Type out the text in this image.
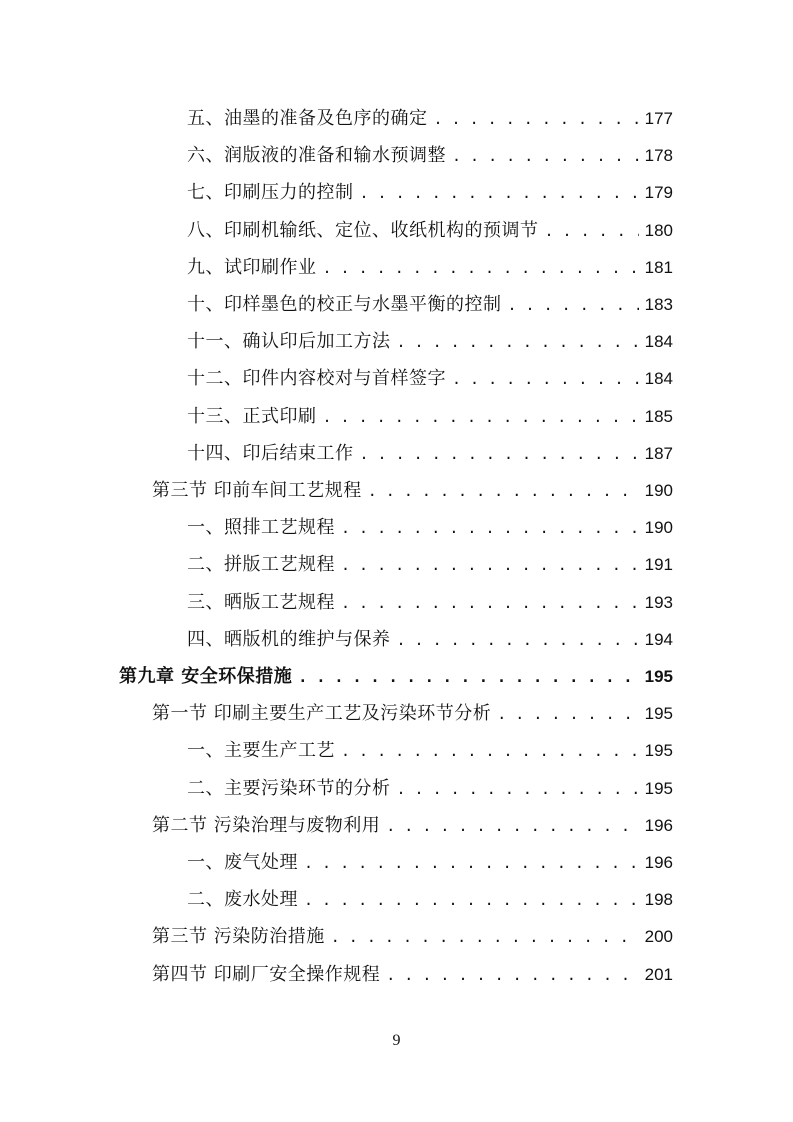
五、油墨的准备及色序的确定 . . .	177
六、润版液的准备和输水预调整 . . .	178
七、印刷压力的控制 . . .	179
八、印刷机输纸、定位、收纸机构的预调节 . . .	180
九、试印刷作业 . . .	181
十、印样墨色的校正与水墨平衡的控制 . . .	183
十一、确认印后加工方法 . . .	184
十二、印件内容校对与首样签字 . . .	184
十三、正式印刷 . . .	185
十四、印后结束工作 . . .	187
第三节 印前车间工艺规程 . . .	190
一、照排工艺规程 . . .	190
二、拼版工艺规程 . . .	191
三、晒版工艺规程 . . .	193
四、晒版机的维护与保养 . . .	194
第九章 安全环保措施 . . .	195
第一节 印刷主要生产工艺及污染环节分析 . . .	195
一、主要生产工艺 . . .	195
二、主要污染环节的分析 . . .	195
第二节 污染治理与废物利用 . . .	196
一、废气处理 . . .	196
二、废水处理 . . .	198
第三节 污染防治措施 . . .	200
第四节 印刷厂安全操作规程 . . .	201
9
